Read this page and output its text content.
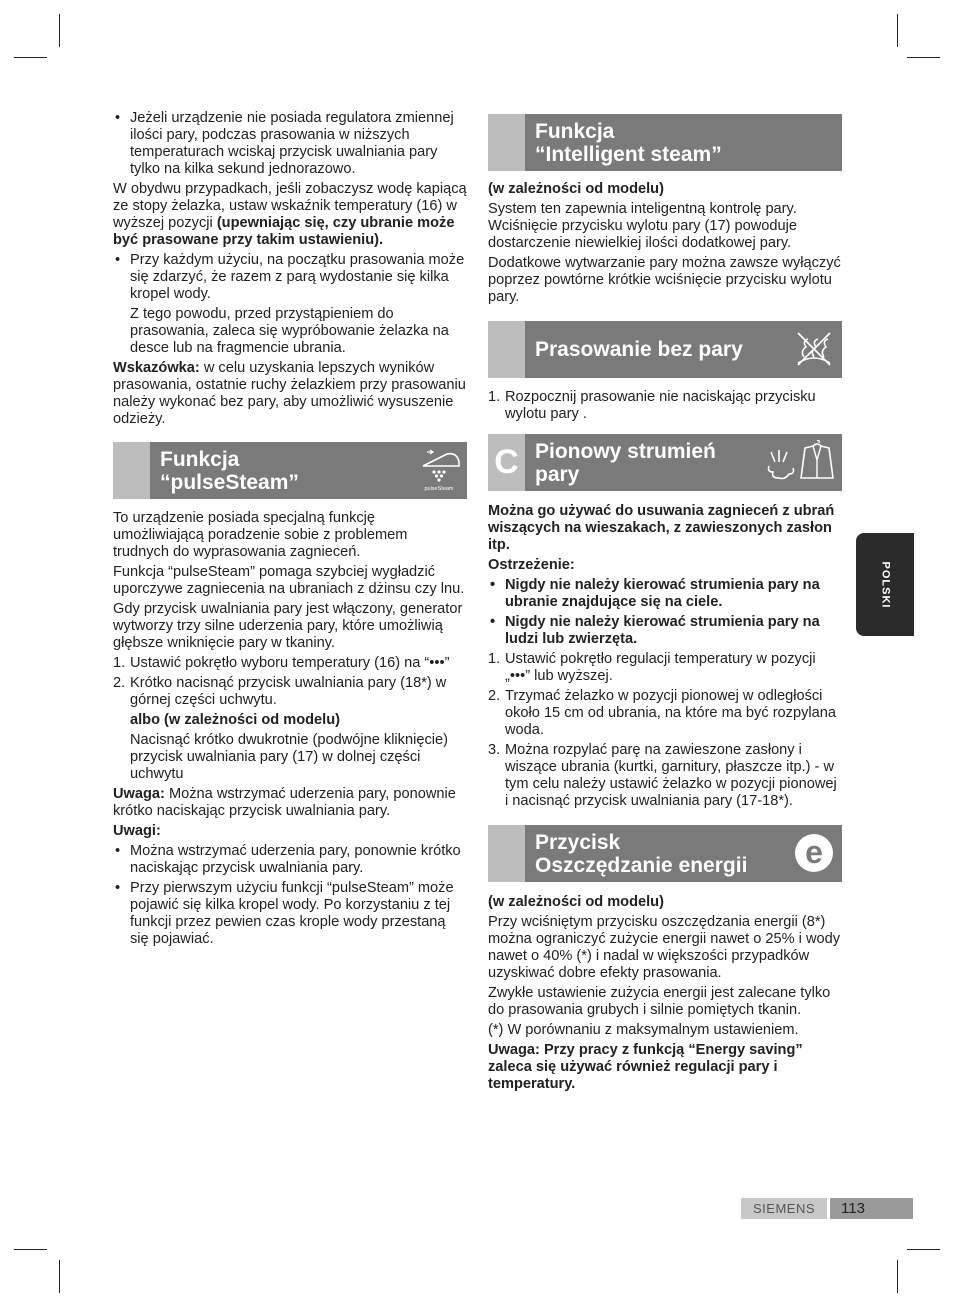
• Jeżeli urządzenie nie posiada regulatora zmiennej ilości pary, podczas prasowania w niższych temperaturach wciskaj przycisk uwalniania pary tylko na kilka sekund jednorazowo.

W obydwu przypadkach, jeśli zobaczysz wodę kapiącą ze stopy żelazka, ustaw wskaźnik temperatury (16) w wyższej pozycji (upewniając się, czy ubranie może być prasowane przy takim ustawieniu).

• Przy każdym użyciu, na początku prasowania może się zdarzyć, że razem z parą wydostanie się kilka kropel wody.

Z tego powodu, przed przystąpieniem do prasowania, zaleca się wypróbowanie żelazka na desce lub na fragmencie ubrania.

Wskazówka: w celu uzyskania lepszych wyników prasowania, ostatnie ruchy żelazkiem przy prasowaniu należy wykonać bez pary, aby umożliwić wysuszenie odzieży.

Funkcja
“pulseSteam”	pulseSteam

To urządzenie posiada specjalną funkcję umożliwiającą poradzenie sobie z problemem trudnych do wyprasowania zagnieceń.

Funkcja “pulseSteam” pomaga szybciej wygładzić uporczywe zagniecenia na ubraniach z dżinsu czy lnu.

Gdy przycisk uwalniania pary jest włączony, generator wytworzy trzy silne uderzenia pary, które umożliwią głębsze wniknięcie pary w tkaniny.

1. Ustawić pokrętło wyboru temperatury (16) na “•••”

2. Krótko nacisnąć przycisk uwalniania pary (18*) w górnej części uchwytu.

albo (w zależności od modelu)

Nacisnąć krótko dwukrotnie (podwójne kliknięcie) przycisk uwalniania pary (17) w dolnej części uchwytu

Uwaga: Można wstrzymać uderzenia pary, ponownie krótko naciskając przycisk uwalniania pary.

Uwagi:

• Można wstrzymać uderzenia pary, ponownie krótko naciskając przycisk uwalniania pary.

• Przy pierwszym użyciu funkcji “pulseSteam” może pojawić się kilka kropel wody. Po korzystaniu z tej funkcji przez pewien czas krople wody przestaną się pojawiać.

Funkcja
“Intelligent steam”

(w zależności od modelu)

System ten zapewnia inteligentną kontrolę pary. Wciśnięcie przycisku wylotu pary (17) powoduje dostarczenie niewielkiej ilości dodatkowej pary.

Dodatkowe wytwarzanie pary można zawsze wyłączyć poprzez powtórne krótkie wciśnięcie przycisku wylotu pary.

Prasowanie bez pary

1. Rozpocznij prasowanie nie naciskając przycisku wylotu pary .

C Pionowy strumień
pary

Można go używać do usuwania zagnieceń z ubrań wiszących na wieszakach, z zawieszonych zasłon itp.

Ostrzeżenie:

• Nigdy nie należy kierować strumienia pary na ubranie znajdujące się na ciele.

• Nigdy nie należy kierować strumienia pary na ludzi lub zwierzęta.

1. Ustawić pokrętło regulacji temperatury w pozycji „•••” lub wyższej.

2. Trzymać żelazko w pozycji pionowej w odległości około 15 cm od ubrania, na które ma być rozpylana woda.

3. Można rozpylać parę na zawieszone zasłony i wiszące ubrania (kurtki, garnitury, płaszcze itp.) - w tym celu należy ustawić żelazko w pozycji pionowej i nacisnąć przycisk uwalniania pary (17-18*).

Przycisk
Oszczędzanie energii	e

(w zależności od modelu)

Przy wciśniętym przycisku oszczędzania energii (8*) można ograniczyć zużycie energii nawet o 25% i wody nawet o 40% (*) i nadal w większości przypadków uzyskiwać dobre efekty prasowania.

Zwykłe ustawienie zużycia energii jest zalecane tylko do prasowania grubych i silnie pomiętych tkanin.

(*) W porównaniu z maksymalnym ustawieniem.

Uwaga: Przy pracy z funkcją “Energy saving” zaleca się używać również regulacji pary i temperatury.

POLSKI
SIEMENS	113
